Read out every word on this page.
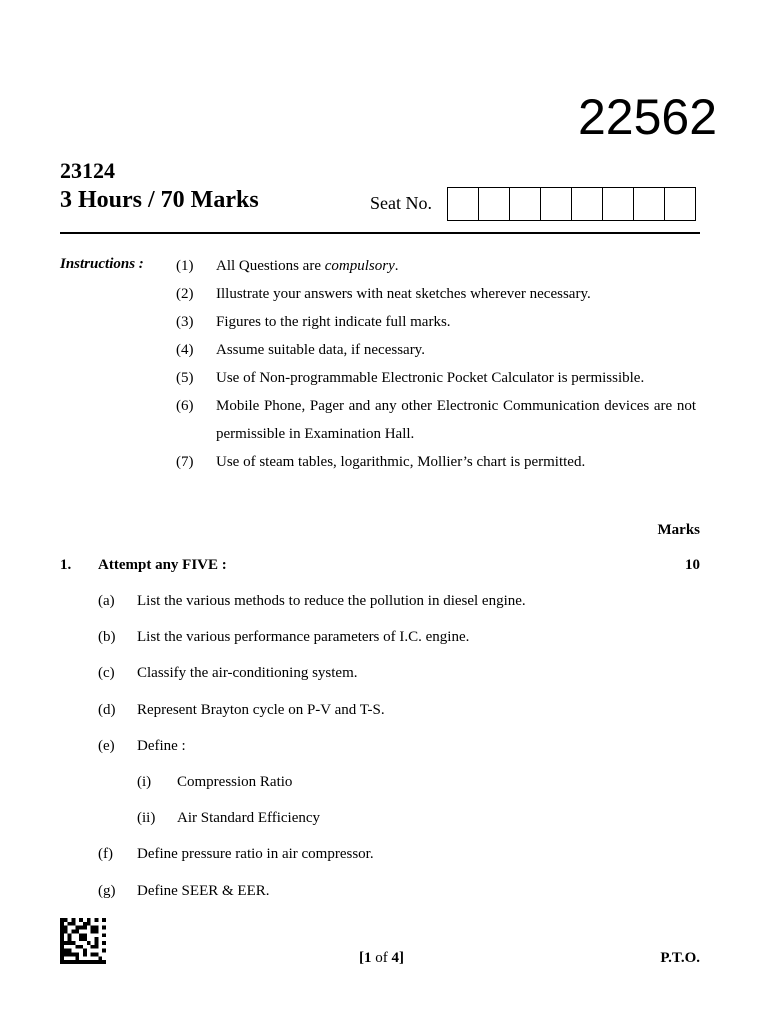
22562
23124
3 Hours / 70 Marks	Seat No.
Instructions : (1)	All Questions are compulsory.
(2)	Illustrate your answers with neat sketches wherever necessary.
(3)	Figures to the right indicate full marks.
(4)	Assume suitable data, if necessary.
(5)	Use of Non-programmable Electronic Pocket Calculator is permissible.
(6)	Mobile Phone, Pager and any other Electronic Communication devices are not permissible in Examination Hall.
(7)	Use of steam tables, logarithmic, Mollier’s chart is permitted.
Marks
1. Attempt any FIVE :	10
(a) List the various methods to reduce the pollution in diesel engine.
(b) List the various performance parameters of I.C. engine.
(c) Classify the air-conditioning system.
(d) Represent Brayton cycle on P-V and T-S.
(e) Define :
(i) Compression Ratio
(ii) Air Standard Efficiency
(f) Define pressure ratio in air compressor.
(g) Define SEER & EER.
[1 of 4]	P.T.O.
